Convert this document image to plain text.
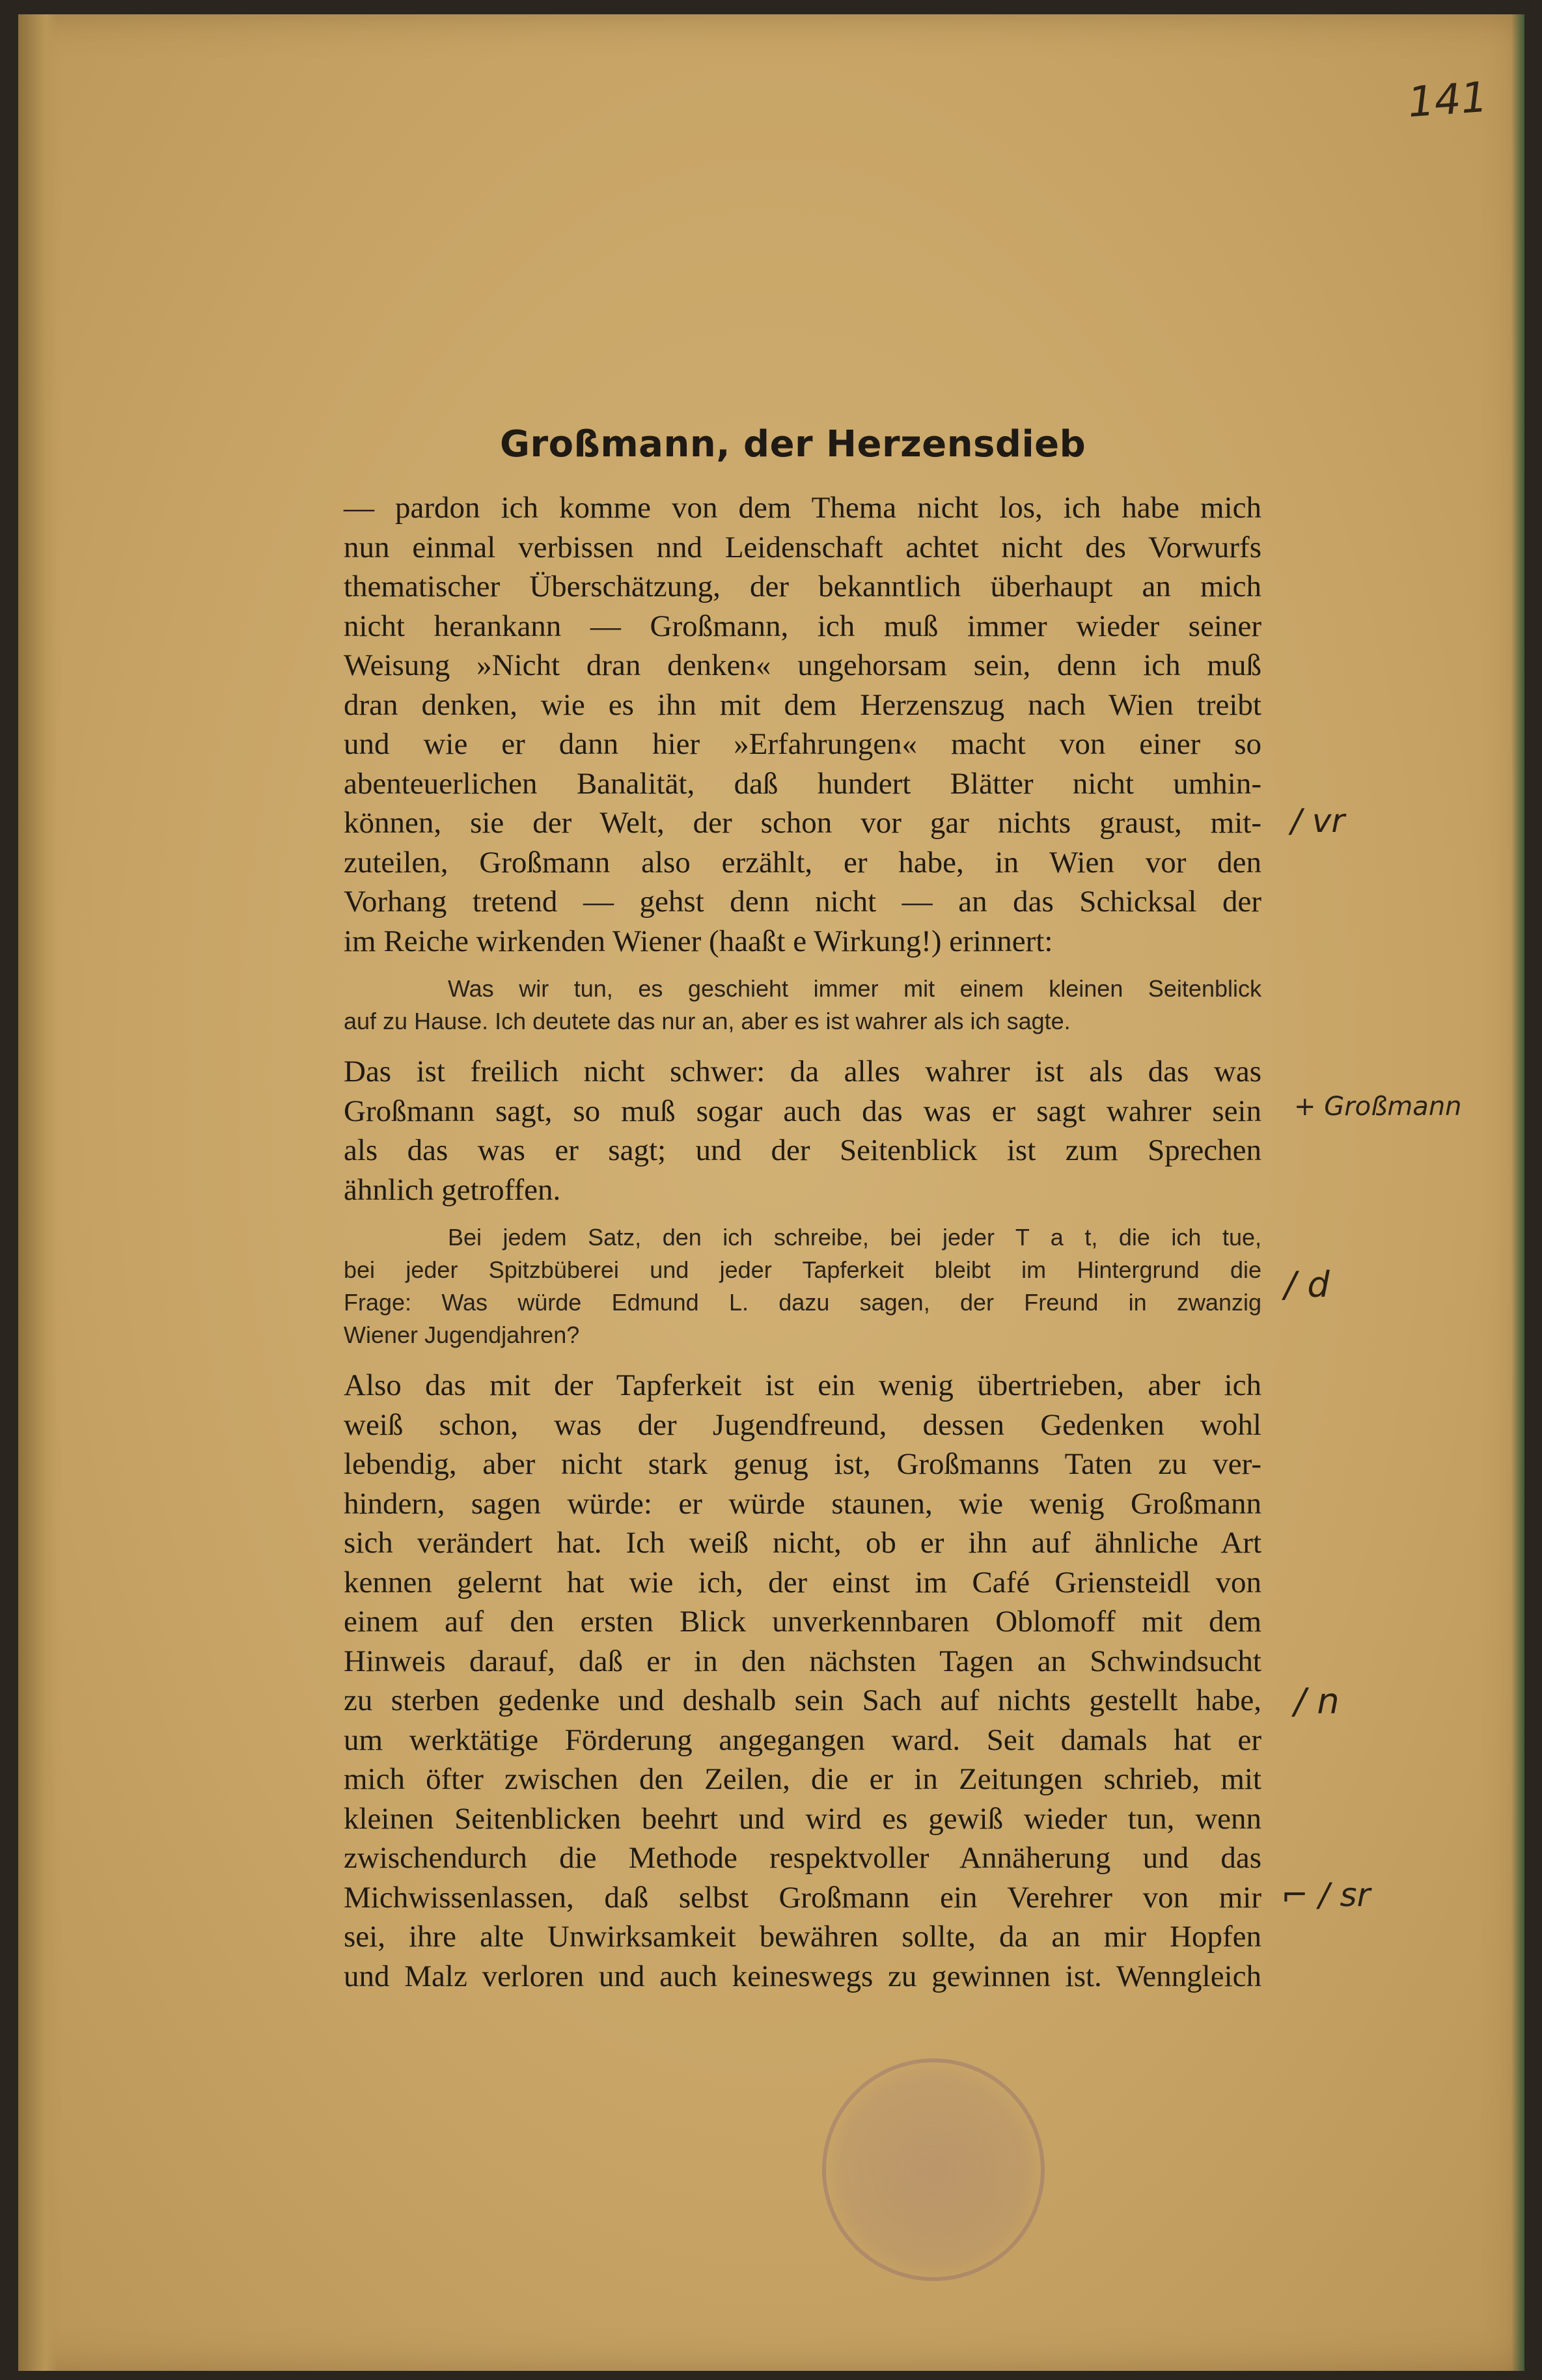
141
Großmann, der Herzensdieb
— pardon ich komme von dem Thema nicht los, ich habe mich
nun einmal verbissen nnd Leidenschaft achtet nicht des Vorwurfs
thematischer Überschätzung, der bekanntlich überhaupt an mich
nicht herankann — Großmann, ich muß immer wieder seiner
Weisung »Nicht dran denken« ungehorsam sein, denn ich muß
dran denken, wie es ihn mit dem Herzenszug nach Wien treibt
und wie er dann hier »Erfahrungen« macht von einer so
abenteuerlichen Banalität, daß hundert Blätter nicht umhin-
können, sie der Welt, der schon vor gar nichts graust, mit-
zuteilen, Großmann also erzählt, er habe, in Wien vor den
Vorhang tretend — gehst denn nicht — an das Schicksal der
im Reiche wirkenden Wiener (haaßt e Wirkung!) erinnert:
Was wir tun, es geschieht immer mit einem kleinen Seitenblick
auf zu Hause. Ich deutete das nur an, aber es ist wahrer als ich sagte.
Das ist freilich nicht schwer: da alles wahrer ist als das was
Großmann sagt, so muß sogar auch das was er sagt wahrer sein
als das was er sagt; und der Seitenblick ist zum Sprechen
ähnlich getroffen.
Bei jedem Satz, den ich schreibe, bei jeder T a t, die ich tue,
bei jeder Spitzbüberei und jeder Tapferkeit bleibt im Hintergrund die
Frage: Was würde Edmund L. dazu sagen, der Freund in zwanzig
Wiener Jugendjahren?
Also das mit der Tapferkeit ist ein wenig übertrieben, aber ich
weiß schon, was der Jugendfreund, dessen Gedenken wohl
lebendig, aber nicht stark genug ist, Großmanns Taten zu ver-
hindern, sagen würde: er würde staunen, wie wenig Großmann
sich verändert hat. Ich weiß nicht, ob er ihn auf ähnliche Art
kennen gelernt hat wie ich, der einst im Café Griensteidl von
einem auf den ersten Blick unverkennbaren Oblomoff mit dem
Hinweis darauf, daß er in den nächsten Tagen an Schwindsucht
zu sterben gedenke und deshalb sein Sach auf nichts gestellt habe,
um werktätige Förderung angegangen ward. Seit damals hat er
mich öfter zwischen den Zeilen, die er in Zeitungen schrieb, mit
kleinen Seitenblicken beehrt und wird es gewiß wieder tun, wenn
zwischendurch die Methode respektvoller Annäherung und das
Michwissenlassen, daß selbst Großmann ein Verehrer von mir
sei, ihre alte Unwirksamkeit bewähren sollte, da an mir Hopfen
und Malz verloren und auch keineswegs zu gewinnen ist. Wenngleich
/ vr
+ Großmann
/ d
/ n
⌐ / sr
